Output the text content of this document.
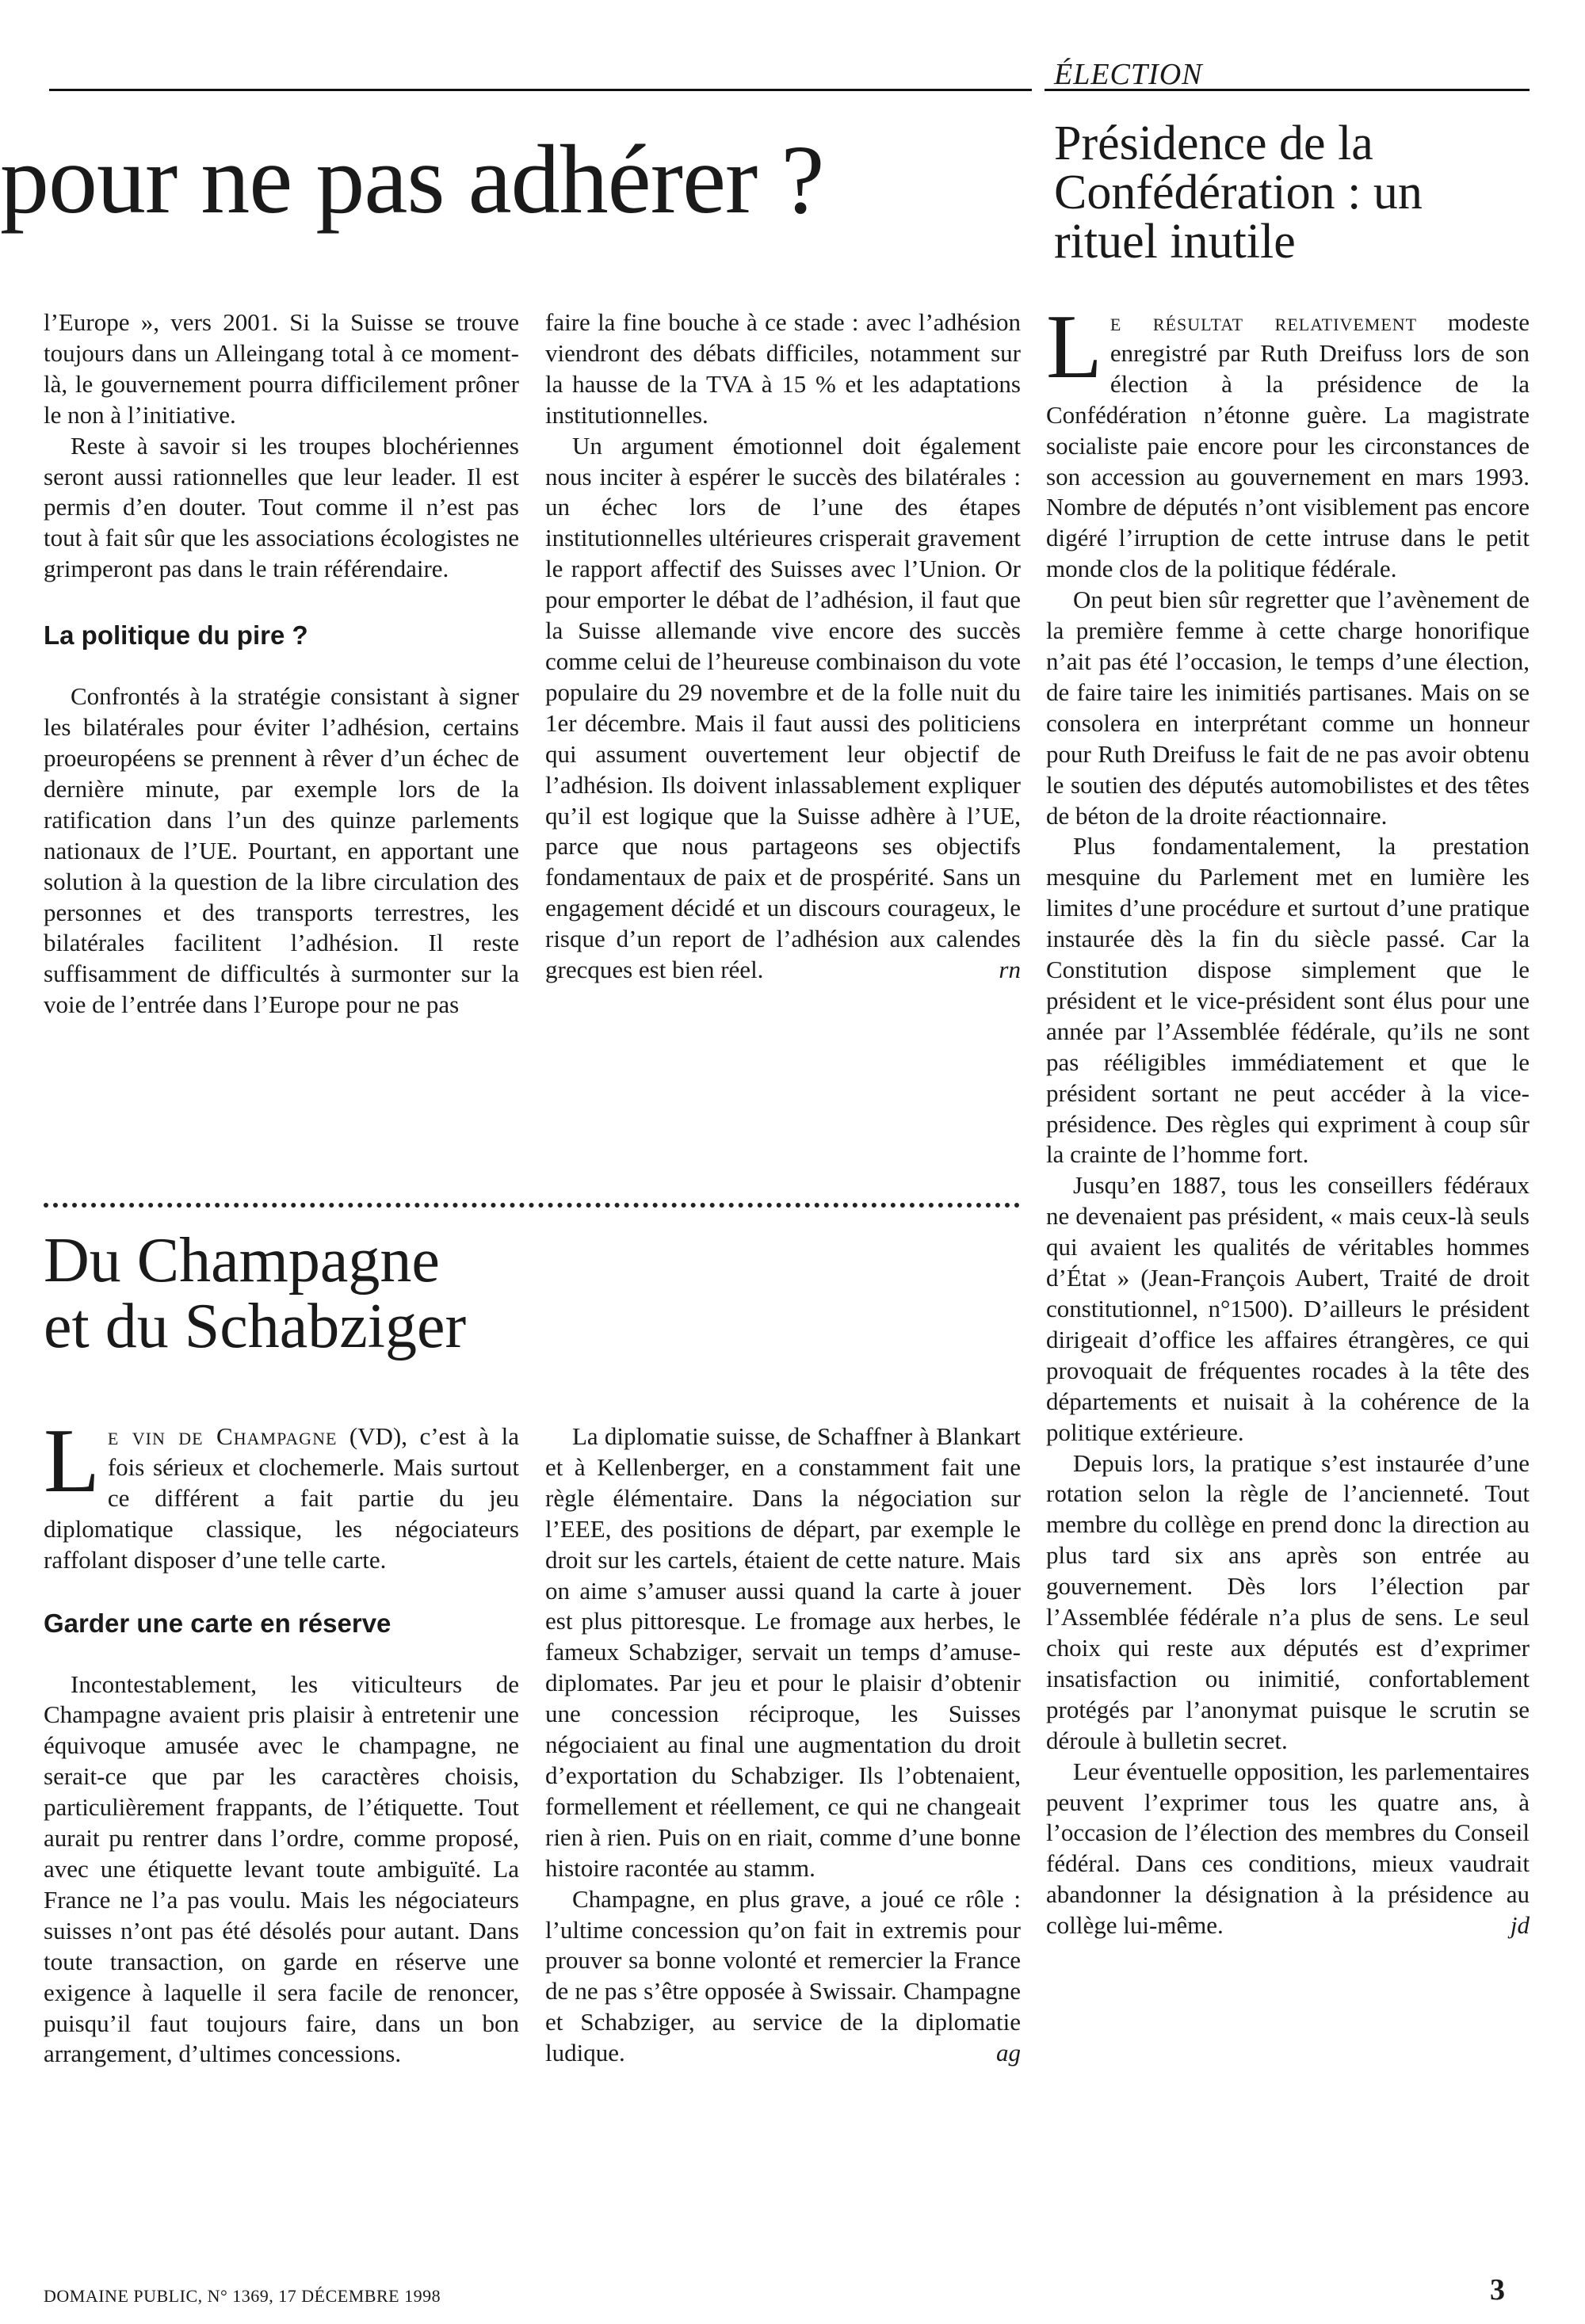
ÉLECTION
pour ne pas adhérer ?

l’Europe », vers 2001. Si la Suisse se trouve toujours dans un Alleingang total à ce moment-là, le gouvernement pourra difficilement prôner le non à l’initiative.

Reste à savoir si les troupes blochériennes seront aussi rationnelles que leur leader. Il est permis d’en douter. Tout comme il n’est pas tout à fait sûr que les associations écologistes ne grimperont pas dans le train référendaire.

La politique du pire ?

Confrontés à la stratégie consistant à signer les bilatérales pour éviter l’adhésion, certains proeuropéens se prennent à rêver d’un échec de dernière minute, par exemple lors de la ratification dans l’un des quinze parlements nationaux de l’UE. Pourtant, en apportant une solution à la question de la libre circulation des personnes et des transports terrestres, les bilatérales facilitent l’adhésion. Il reste suffisamment de difficultés à surmonter sur la voie de l’entrée dans l’Europe pour ne pas

faire la fine bouche à ce stade : avec l’adhésion viendront des débats difficiles, notamment sur la hausse de la TVA à 15 % et les adaptations institutionnelles.

Un argument émotionnel doit également nous inciter à espérer le succès des bilatérales : un échec lors de l’une des étapes institutionnelles ultérieures crisperait gravement le rapport affectif des Suisses avec l’Union. Or pour emporter le débat de l’adhésion, il faut que la Suisse allemande vive encore des succès comme celui de l’heureuse combinaison du vote populaire du 29 novembre et de la folle nuit du 1er décembre. Mais il faut aussi des politiciens qui assument ouvertement leur objectif de l’adhésion. Ils doivent inlassablement expliquer qu’il est logique que la Suisse adhère à l’UE, parce que nous partageons ses objectifs fondamentaux de paix et de prospérité. Sans un engagement décidé et un discours courageux, le risque d’un report de l’adhésion aux calendes grecques est bien réel.	rn
Du Champagne
et du Schabziger

Le vin de Champagne (VD), c’est à la fois sérieux et clochemerle. Mais surtout ce différent a fait partie du jeu diplomatique classique, les négociateurs raffolant disposer d’une telle carte.

Garder une carte en réserve

Incontestablement, les viticulteurs de Champagne avaient pris plaisir à entretenir une équivoque amusée avec le champagne, ne serait-ce que par les caractères choisis, particulièrement frappants, de l’étiquette. Tout aurait pu rentrer dans l’ordre, comme proposé, avec une étiquette levant toute ambiguïté. La France ne l’a pas voulu. Mais les négociateurs suisses n’ont pas été désolés pour autant. Dans toute transaction, on garde en réserve une exigence à laquelle il sera facile de renoncer, puisqu’il faut toujours faire, dans un bon arrangement, d’ultimes concessions.

La diplomatie suisse, de Schaffner à Blankart et à Kellenberger, en a constamment fait une règle élémentaire. Dans la négociation sur l’EEE, des positions de départ, par exemple le droit sur les cartels, étaient de cette nature. Mais on aime s’amuser aussi quand la carte à jouer est plus pittoresque. Le fromage aux herbes, le fameux Schabziger, servait un temps d’amuse-diplomates. Par jeu et pour le plaisir d’obtenir une concession réciproque, les Suisses négociaient au final une augmentation du droit d’exportation du Schabziger. Ils l’obtenaient, formellement et réellement, ce qui ne changeait rien à rien. Puis on en riait, comme d’une bonne histoire racontée au stamm.

Champagne, en plus grave, a joué ce rôle : l’ultime concession qu’on fait in extremis pour prouver sa bonne volonté et remercier la France de ne pas s’être opposée à Swissair. Champagne et Schabziger, au service de la diplomatie ludique.	ag
Présidence de la Confédération : un rituel inutile

Le résultat relativement modeste enregistré par Ruth Dreifuss lors de son élection à la présidence de la Confédération n’étonne guère. La magistrate socialiste paie encore pour les circonstances de son accession au gouvernement en mars 1993. Nombre de députés n’ont visiblement pas encore digéré l’irruption de cette intruse dans le petit monde clos de la politique fédérale.

On peut bien sûr regretter que l’avènement de la première femme à cette charge honorifique n’ait pas été l’occasion, le temps d’une élection, de faire taire les inimitiés partisanes. Mais on se consolera en interprétant comme un honneur pour Ruth Dreifuss le fait de ne pas avoir obtenu le soutien des députés automobilistes et des têtes de béton de la droite réactionnaire.

Plus fondamentalement, la prestation mesquine du Parlement met en lumière les limites d’une procédure et surtout d’une pratique instaurée dès la fin du siècle passé. Car la Constitution dispose simplement que le président et le vice-président sont élus pour une année par l’Assemblée fédérale, qu’ils ne sont pas rééligibles immédiatement et que le président sortant ne peut accéder à la vice-présidence. Des règles qui expriment à coup sûr la crainte de l’homme fort.

Jusqu’en 1887, tous les conseillers fédéraux ne devenaient pas président, « mais ceux-là seuls qui avaient les qualités de véritables hommes d’État » (Jean-François Aubert, Traité de droit constitutionnel, n°1500). D’ailleurs le président dirigeait d’office les affaires étrangères, ce qui provoquait de fréquentes rocades à la tête des départements et nuisait à la cohérence de la politique extérieure.

Depuis lors, la pratique s’est instaurée d’une rotation selon la règle de l’ancienneté. Tout membre du collège en prend donc la direction au plus tard six ans après son entrée au gouvernement. Dès lors l’élection par l’Assemblée fédérale n’a plus de sens. Le seul choix qui reste aux députés est d’exprimer insatisfaction ou inimitié, confortablement protégés par l’anonymat puisque le scrutin se déroule à bulletin secret.

Leur éventuelle opposition, les parlementaires peuvent l’exprimer tous les quatre ans, à l’occasion de l’élection des membres du Conseil fédéral. Dans ces conditions, mieux vaudrait abandonner la désignation à la présidence au collège lui-même.	jd
DOMAINE PUBLIC, N° 1369, 17 DÉCEMBRE 1998	3
